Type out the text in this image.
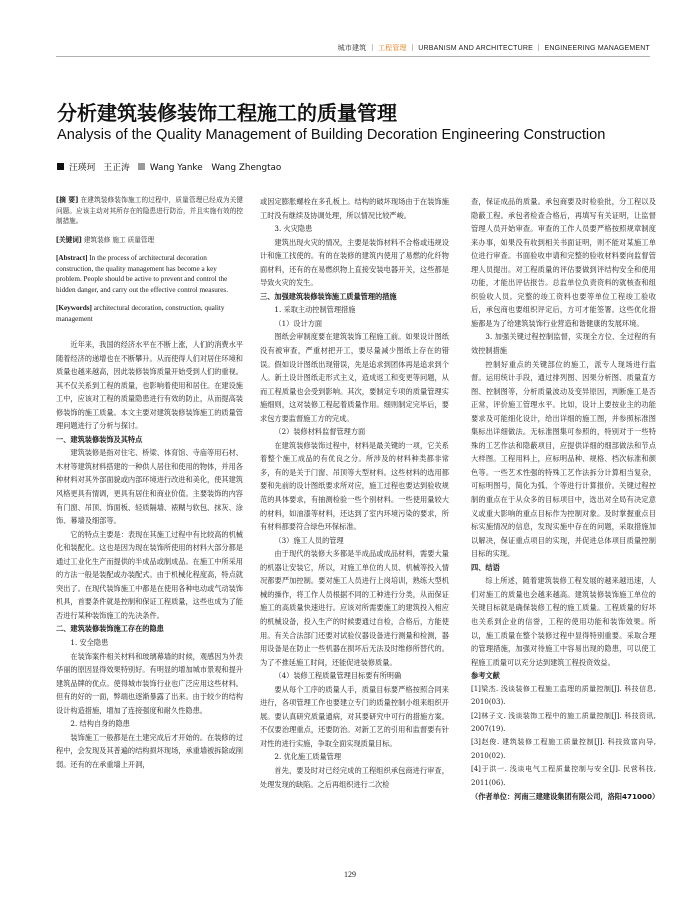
城市建筑 ｜ 工程管理 ｜ URBANISM AND ARCHITECTURE ｜ ENGINEERING MANAGEMENT
分析建筑装修装饰工程施工的质量管理
Analysis of the Quality Management of Building Decoration Engineering Construction
汪瑛珂 王正涛 Wang Yanke　Wang Zhengtao

[摘 要] 在建筑装修装饰施工的过程中，质量管理已经成为关键问题。应该主动对其所存在的隐患进行防治，并且实施有效的控制措施。

[关键词] 建筑装修 施工 质量管理

[Abstract] In the process of architectural decoration construction, the quality management has become a key problem. People should be active to prevent and control the hidden danger, and carry out the effective control measures.

[Keywords] architectural decoration, construction, quality management

近年来，我国的经济水平在不断上涨，人们的消费水平随着经济的递增也在不断攀升。从而使得人们对居住环境和质量也越来越高，因此装修装饰质量开始受到人们的重视。其不仅关系到工程的质量，也影响着使用和居住。在建设施工中，应该对工程的质量隐患进行有效的防止，从而提高装修装饰的施工质量。本文主要对建筑装修装饰施工的质量管理问题进行了分析与探讨。

一、建筑装修装饰及其特点

建筑装修是指对住宅、桥梁、体育馆、寺庙等用石材、木材等建筑材料搭建的一种供人居住和使用的物体，并用各种材料对其外部面貌或内部环境进行改进和美化，使其建筑风格更具有情调，更具有居住和商业价值。主要装饰的内容有门窗、吊顶、饰面板、轻质隔墙、裱糊与软包、抹灰、涂饰、幕墙及细部等。

它的特点主要是：表现在其施工过程中有比较高的机械化和装配化。这也是因为现在装饰所使用的材料大部分都是通过工业化生产而提供的半成品或制成品。在施工中所采用的方法一般是装配或办装配式。由于机械化程度高，特点就突出了。在现代装饰施工中都是在使用各种电动或气动装饰机具，首要条件就是控制和保证工程质量，这些也成为了能否进行某种装饰施工的先决条件。

二、建筑装修装饰施工存在的隐患

1. 安全隐患

在装饰案件相关材料和玻璃幕墙的时候，观感因为外表华丽的原因显得效果特别好。有明显的增加城市景观和提升建筑品牌的优点。使得城市装饰行业也广泛应用这些材料。但有的好的一面，弊端也逐渐暴露了出来。由于较少的结构设计构造措施，增加了连接强度和耐久性隐患。

2. 结构自身的隐患

装饰施工一般都是在土建完成后才开始的。在装修的过程中，会发现及其普遍的结构损坏现场，承重墙被拆除或削弱。还有的在承重墙上开洞，

或因定膨胀螺栓在多孔板上。结构的破坏现场由于在装饰施工时没有继续及协调处理，所以情况比较严峻。

3. 火灾隐患

建筑出现火灾的情况，主要是装饰材料不合格或违规设计和施工找使的。有的在装修的建筑内使用了易燃的化纤物面材料，还有的在易燃织物上直接安装电器开关，这些都是导致火灾的发生。

三、加强建筑装修装饰施工质量管理的措施

1. 采取主动控制管理措施

（1）设计方面

图纸会审制度要在建筑装饰工程施工前。如果设计图纸没有被审查，严重材把开工，要尽量减少图纸上存在的错误。假如设计图纸出现错误，先是追求到团体再是追求到个人。新土设计图纸走形式主义，造成返工和变更等问题，从而工程质量也会受到影响。其次，要制定专项的质量管理实施细则，这对装修工程起着质量作用。细则制定完毕后，要求包方要监督施工方的完成。

（2）装修材料监督管理方面

在建筑装修装饰过程中，材料是最关键的一项，它关系着整个施工成品的有优良之分。所涉及的材料种类都非常多，有的是关于门窗、吊顶等大型材料。这些材料的选用都要和先前的设计图纸要求所对应，施工过程也要达到验收规范的具体要求，有抽测检验一些个别材料。一些使用量较大的材料，如油漆等材料，还达到了室内环境污染的要求，所有材料都要符合绿色环保标准。

（3）施工人员的管理

由于现代的装修大多都是半成品或成品材料，需要大量的机器让安装它，所以，对施工单位的人员、机械等投入情况都要严加控制。要对施工人员进行上岗培训，熟练大型机械的操作，将工作人员根据不同的工种进行分类，从而保证施工的高质量快速进行。应该对所需要施工的建筑投入相应的机械设备，投入生产的时候要通过自检，合格后，方能使用。有关合法部门还要对试验仪器设备进行测量和检测，器用设备是在防止一些机器在损坏后无法及时维修所替代的。为了不推延施工时间，还能促进装修质量。

（4）装修工程质量管理目标要有所明确

要从每个工序的质量人手，质量目标要严格按照合同来进行，各项管理工作也要建立专门的质量控制小组来组织开展。要认真研究质量通病，对其要研究中可行的措施方案。不仅要治理重点，还要防治。对新工艺的引用和监督要有针对性的进行实施，争取全面实现质量目标。

2. 优化施工质量管理

首先，要及时对已经完成的工程组织承包商进行审查，处理发现的缺陷。之后再组织进行二次检

查，保证成品的质量。承包商要及时检验批，分工程以及隐蔽工程。承包者检查合格后，再填写有关证明，让监督管理人员开始审查。审查的工作人员要严格按照规章制度来办事，如果没有收到相关书面证明，则不能对某施工单位进行审查。书面验收申请和完整的验收材料要向监督管理人员提出。对工程质量的评估要做到评结构安全和使用功能，才能出评估报告。总监单位负责资料的就核查和组织验收人员。完整的竣工资料也要等单位工程竣工验收后，承包商也要组织评定后，方可才能签署。这些优化措施都是为了给建筑装饰行业营造和谐健康的发展环境。

3. 加强关键过程控制监督，实现全方位、全过程的有效控制措施

控制好重点的关键部位的施工，派专人现场进行监督。运用统计手段，通过排列图、因果分析图、质量直方图、控制图等，分析质量波动及变异原因，判断施工是否正常，评价施工管理水平。比如，设计上要按业主的功能要求及可能细化设计，给出详细的施工图，并参照标准图集标出详细做法。无标准图集可参照的，特别对于一些特殊的工艺作法和隐蔽项目，应提供详细的细部做法和节点大样图。工程用料上，应标明品种、规格、档次标准和颜色等。一些艺术性强的特殊工艺作法拆分计算相当复杂，可标明图号，简化为弧、个等进行计算报价。关键过程控制的重点在于从众多的目标项目中，选出对全局有决定意义或重大影响的重点目标作为控制对象。及时掌握重点目标实施情况的信息，发现实施中存在的问题，采取措施加以解决，保证重点项目的实现，并促进总体项目质量控制目标的实现。

四、结语

综上所述，随着建筑装修工程发展的越来越迅速，人们对施工的质量也会越来越高。建筑装修装饰施工单位的关键目标就是确保装修工程的施工质量。工程质量的好坏也关系到企业的信誉，工程的使用功能和装饰效果。所以，施工质量在整个装修过程中显得特别重要。采取合理的管理措施，加强对待施工中容易出现的隐患，可以使工程施工质量可以充分达到建筑工程投资效益。

参考文献

[1]梁杰. 浅谈装修工程施工监理的质量控制[J]. 科技信息, 2010(03).

[2]林子文. 浅谈装饰工程中的施工质量控制[J]. 科技资讯, 2007(19).

[3]赵俊. 建筑装修工程施工质量控制[J]. 科技致富向导, 2010(02).

[4]于洪一. 浅谈电气工程质量控制与安全[J]. 民营科技, 2011(06).

（作者单位：河南三建建设集团有限公司，洛阳471000）

129
